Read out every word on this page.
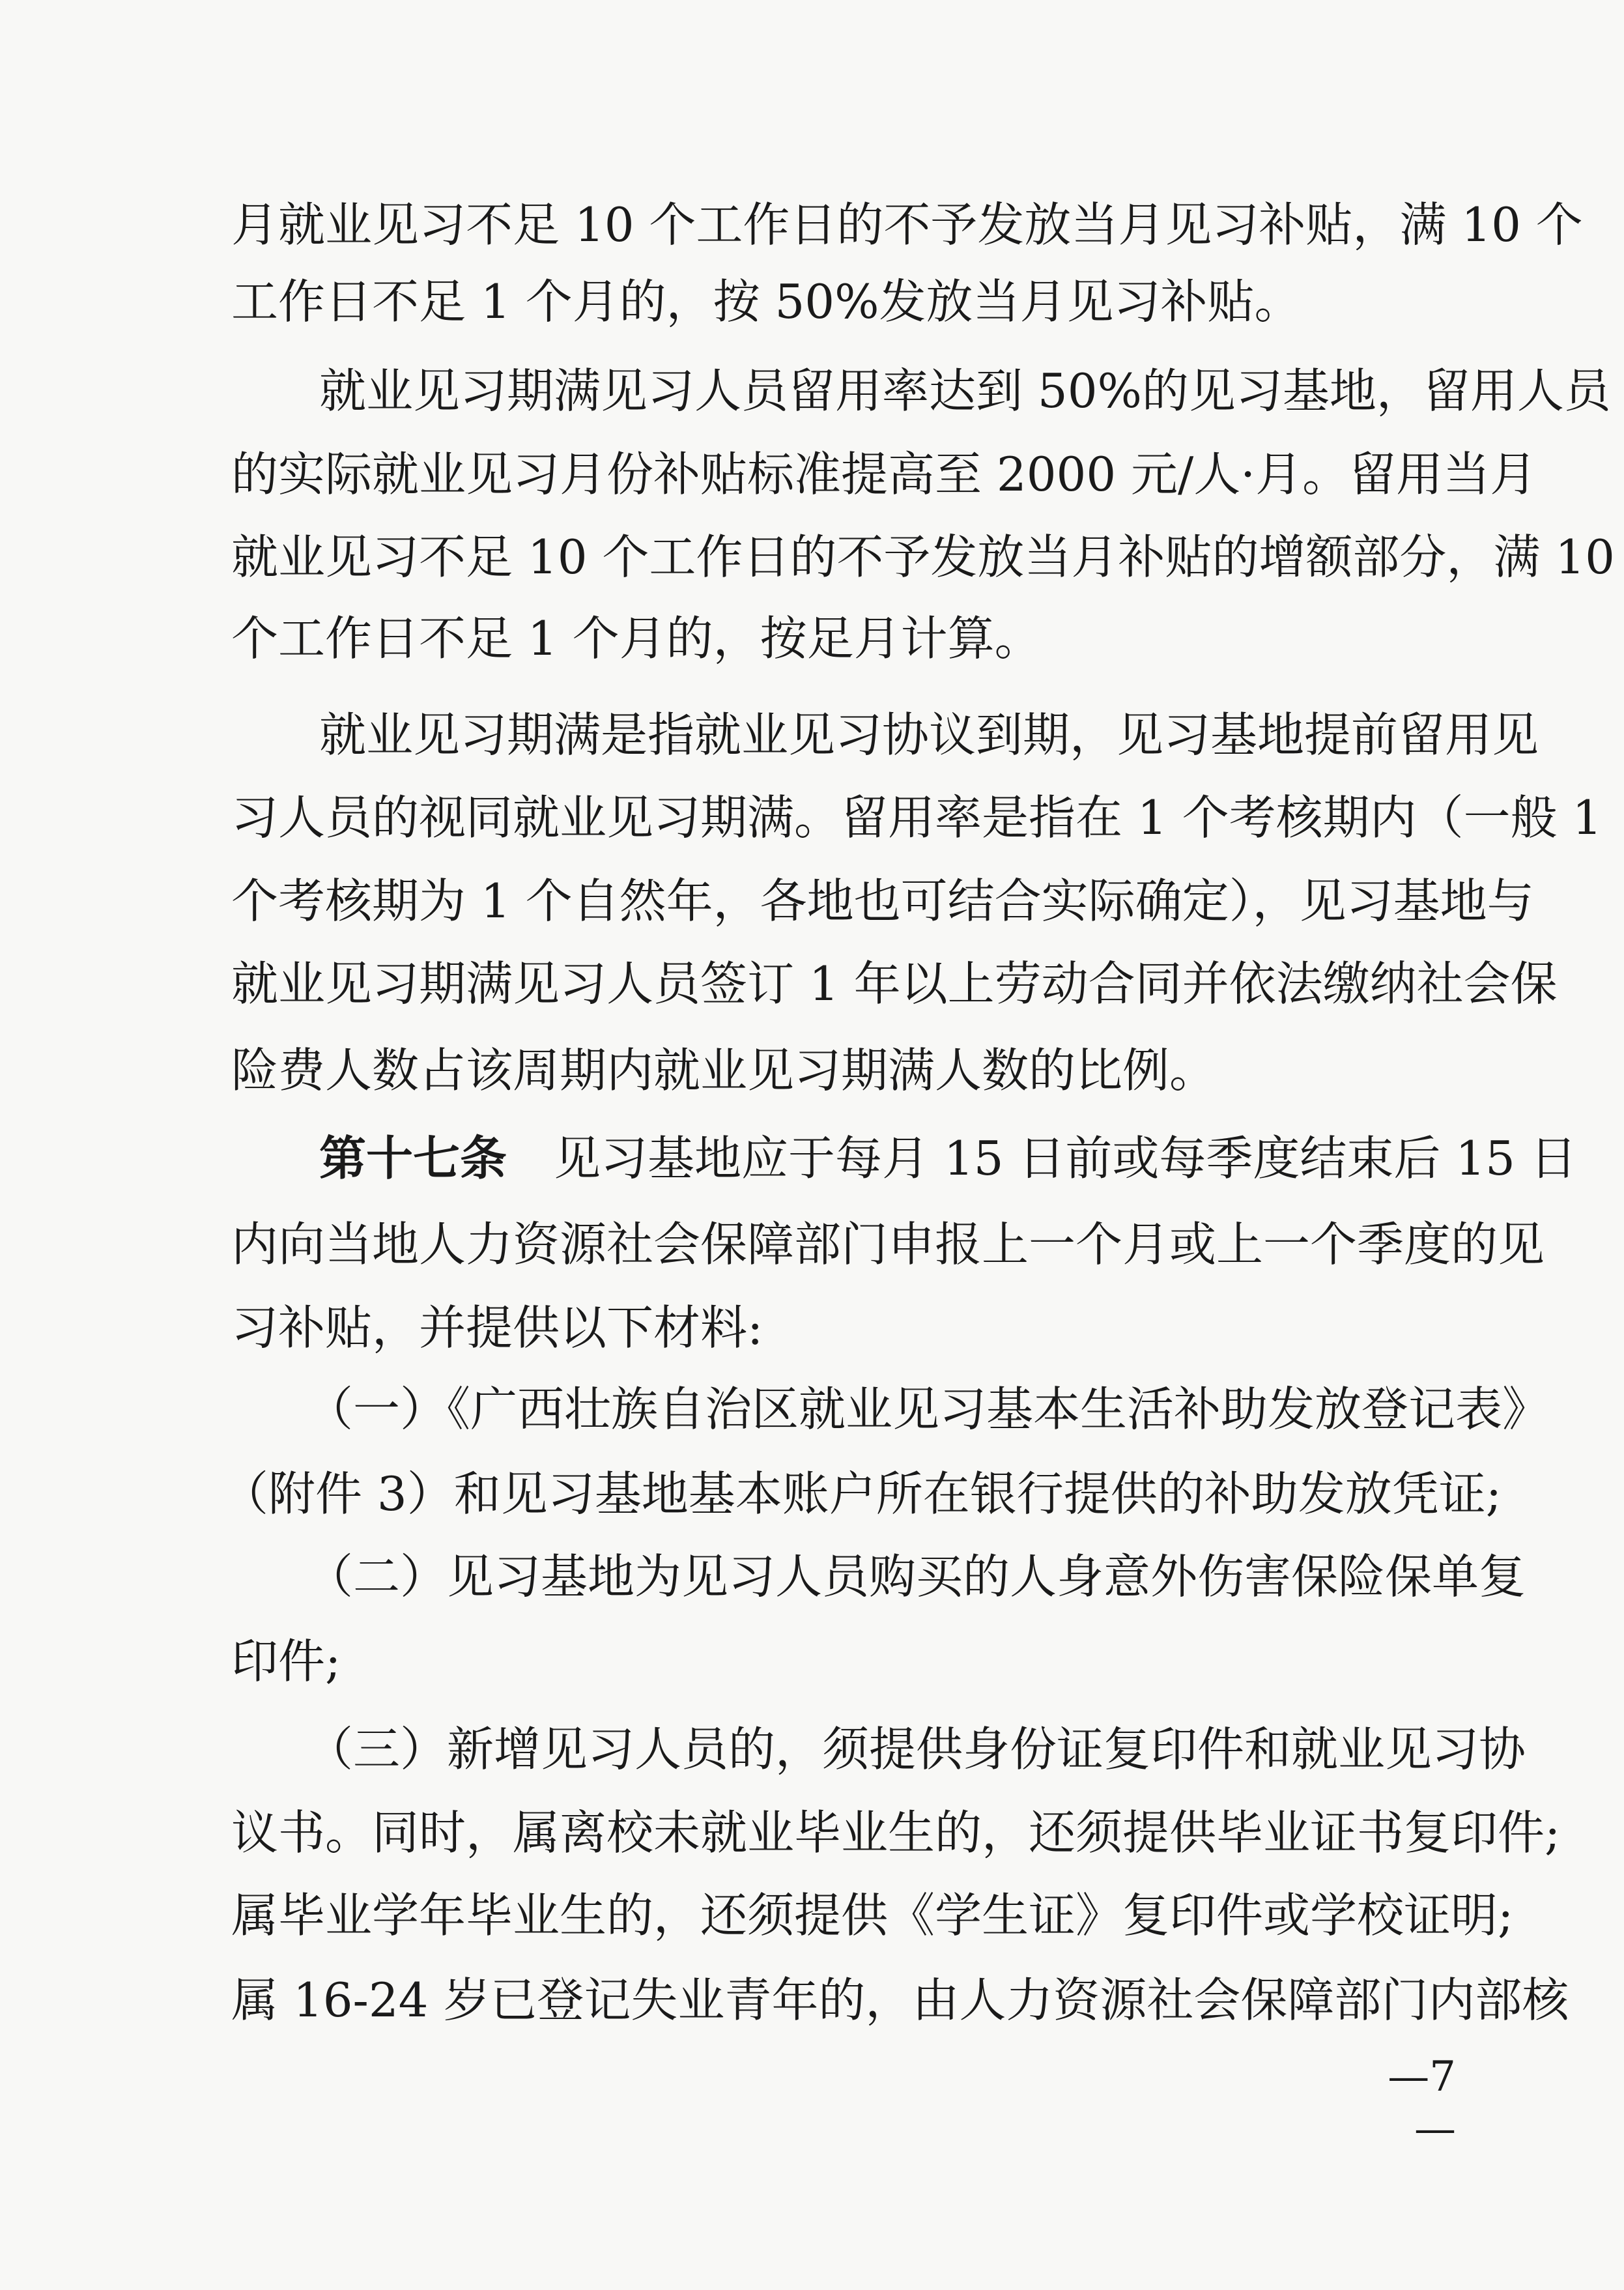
月就业见习不足 10 个工作日的不予发放当月见习补贴，满 10 个
工作日不足 1 个月的，按 50%发放当月见习补贴。
就业见习期满见习人员留用率达到 50%的见习基地，留用人员
的实际就业见习月份补贴标准提高至 2000 元/人·月。留用当月
就业见习不足 10 个工作日的不予发放当月补贴的增额部分，满 10
个工作日不足 1 个月的，按足月计算。
就业见习期满是指就业见习协议到期，见习基地提前留用见
习人员的视同就业见习期满。留用率是指在 1 个考核期内（一般 1
个考核期为 1 个自然年，各地也可结合实际确定），见习基地与
就业见习期满见习人员签订 1 年以上劳动合同并依法缴纳社会保
险费人数占该周期内就业见习期满人数的比例。
第十七条 见习基地应于每月 15 日前或每季度结束后 15 日
内向当地人力资源社会保障部门申报上一个月或上一个季度的见
习补贴，并提供以下材料:
（一）《广西壮族自治区就业见习基本生活补助发放登记表》
（附件 3）和见习基地基本账户所在银行提供的补助发放凭证;
（二）见习基地为见习人员购买的人身意外伤害保险保单复
印件;
（三）新增见习人员的，须提供身份证复印件和就业见习协
议书。同时，属离校未就业毕业生的，还须提供毕业证书复印件;
属毕业学年毕业生的，还须提供《学生证》复印件或学校证明;
属 16-24 岁已登记失业青年的，由人力资源社会保障部门内部核
—7—
